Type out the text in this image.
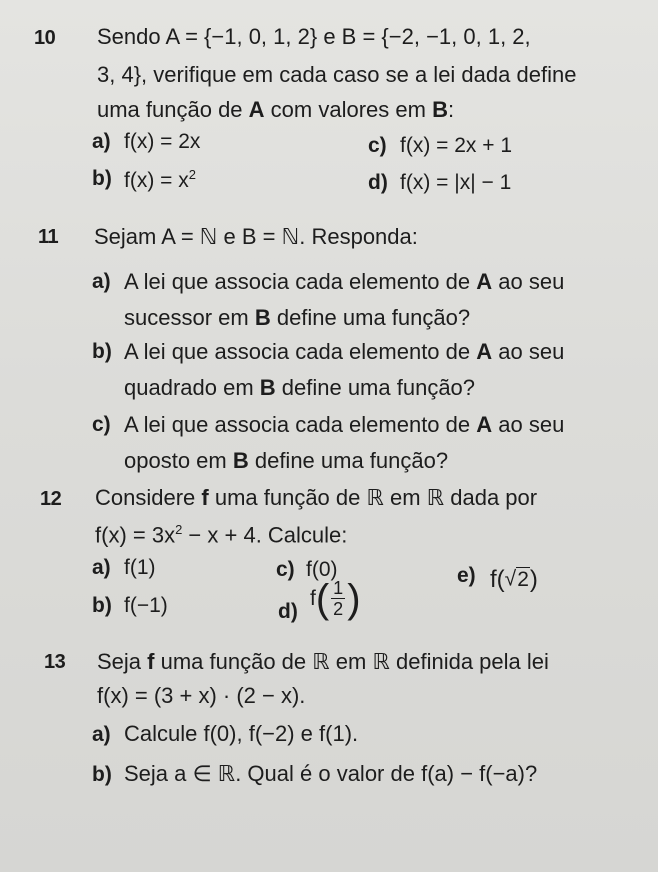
10 Sendo A = {−1, 0, 1, 2} e B = {−2, −1, 0, 1, 2,
3, 4}, verifique em cada caso se a lei dada define
uma função de A com valores em B:
a) f(x) = 2x	c) f(x) = 2x + 1
b) $f(x) = x^2$	d) f(x) = |x| − 1
11 Sejam A = ℕ e B = ℕ. Responda:
a) A lei que associa cada elemento de A ao seu
sucessor em B define uma função?
b) A lei que associa cada elemento de A ao seu
quadrado em B define uma função?
c) A lei que associa cada elemento de A ao seu
oposto em B define uma função?
12 Considere f uma função de ℝ em ℝ dada por
$f(x) = 3x^2 - x + 4$. Calcule:
a) f(1)	c) f(0)	e) f(√2)
b) f(−1)	d)
f ( $\frac{1}{2}$ )
13 Seja f uma função de ℝ em ℝ definida pela lei
f(x) = (3 + x) · (2 − x).
a) Calcule f(0), f(−2) e f(1).
b) Seja a ∈ ℝ. Qual é o valor de f(a) − f(−a)?
